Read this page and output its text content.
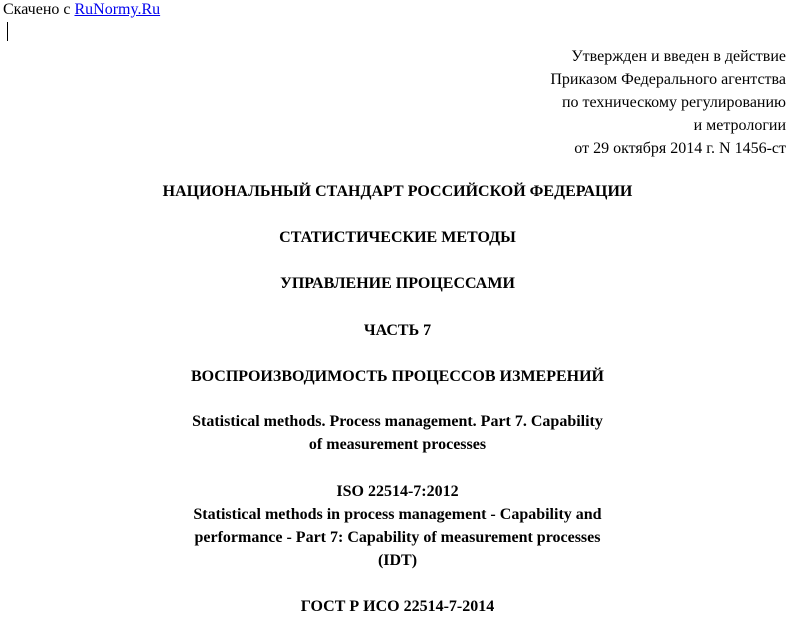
Скачено с RuNormy.Ru
Утвержден и введен в действие
Приказом Федерального агентства
по техническому регулированию
и метрологии
от 29 октября 2014 г. N 1456-ст
НАЦИОНАЛЬНЫЙ СТАНДАРТ РОССИЙСКОЙ ФЕДЕРАЦИИ
СТАТИСТИЧЕСКИЕ МЕТОДЫ
УПРАВЛЕНИЕ ПРОЦЕССАМИ
ЧАСТЬ 7
ВОСПРОИЗВОДИМОСТЬ ПРОЦЕССОВ ИЗМЕРЕНИЙ
Statistical methods. Process management. Part 7. Capability
of measurement processes
ISO 22514-7:2012
Statistical methods in process management - Capability and
performance - Part 7: Capability of measurement processes
(IDT)
ГОСТ Р ИСО 22514-7-2014
